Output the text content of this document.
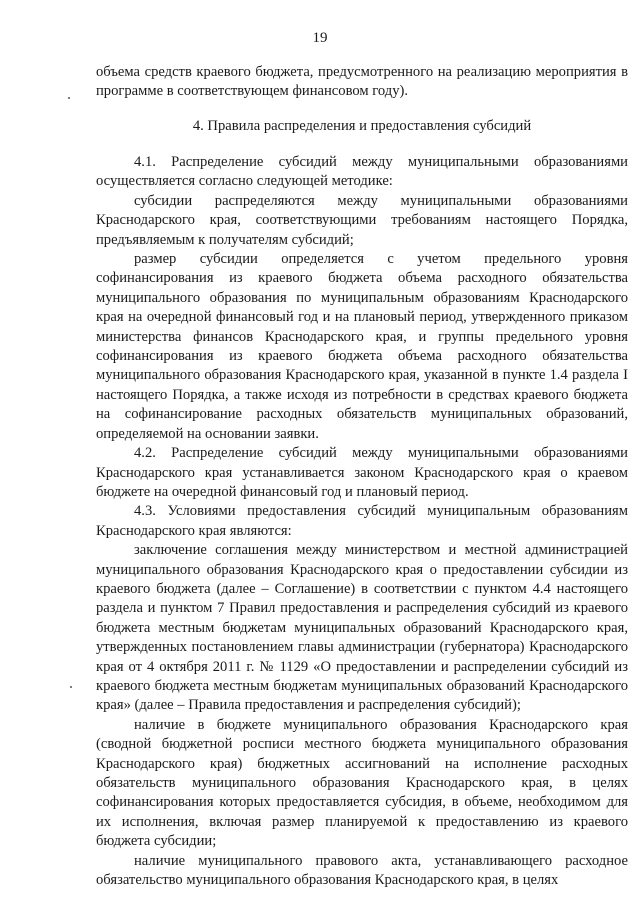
19

объема средств краевого бюджета, предусмотренного на реализацию мероприятия в программе в соответствующем финансовом году).

4. Правила распределения и предоставления субсидий

4.1. Распределение субсидий между муниципальными образованиями осуществляется согласно следующей методике:

субсидии распределяются между муниципальными образованиями Краснодарского края, соответствующими требованиям настоящего Порядка, предъявляемым к получателям субсидий;

размер субсидии определяется с учетом предельного уровня софинансирования из краевого бюджета объема расходного обязательства муниципального образования по муниципальным образованиям Краснодарского края на очередной финансовый год и на плановый период, утвержденного приказом министерства финансов Краснодарского края, и группы предельного уровня софинансирования из краевого бюджета объема расходного обязательства муниципального образования Краснодарского края, указанной в пункте 1.4 раздела I настоящего Порядка, а также исходя из потребности в средствах краевого бюджета на софинансирование расходных обязательств муниципальных образований, определяемой на основании заявки.

4.2. Распределение субсидий между муниципальными образованиями Краснодарского края устанавливается законом Краснодарского края о краевом бюджете на очередной финансовый год и плановый период.

4.3. Условиями предоставления субсидий муниципальным образованиям Краснодарского края являются:

заключение соглашения между министерством и местной администрацией муниципального образования Краснодарского края о предоставлении субсидии из краевого бюджета (далее – Соглашение) в соответствии с пунктом 4.4 настоящего раздела и пунктом 7 Правил предоставления и распределения субсидий из краевого бюджета местным бюджетам муниципальных образований Краснодарского края, утвержденных постановлением главы администрации (губернатора) Краснодарского края от 4 октября 2011 г. № 1129 «О предоставлении и распределении субсидий из краевого бюджета местным бюджетам муниципальных образований Краснодарского края» (далее – Правила предоставления и распределения субсидий);

наличие в бюджете муниципального образования Краснодарского края (сводной бюджетной росписи местного бюджета муниципального образования Краснодарского края) бюджетных ассигнований на исполнение расходных обязательств муниципального образования Краснодарского края, в целях софинансирования которых предоставляется субсидия, в объеме, необходимом для их исполнения, включая размер планируемой к предоставлению из краевого бюджета субсидии;

наличие муниципального правового акта, устанавливающего расходное обязательство муниципального образования Краснодарского края, в целях
